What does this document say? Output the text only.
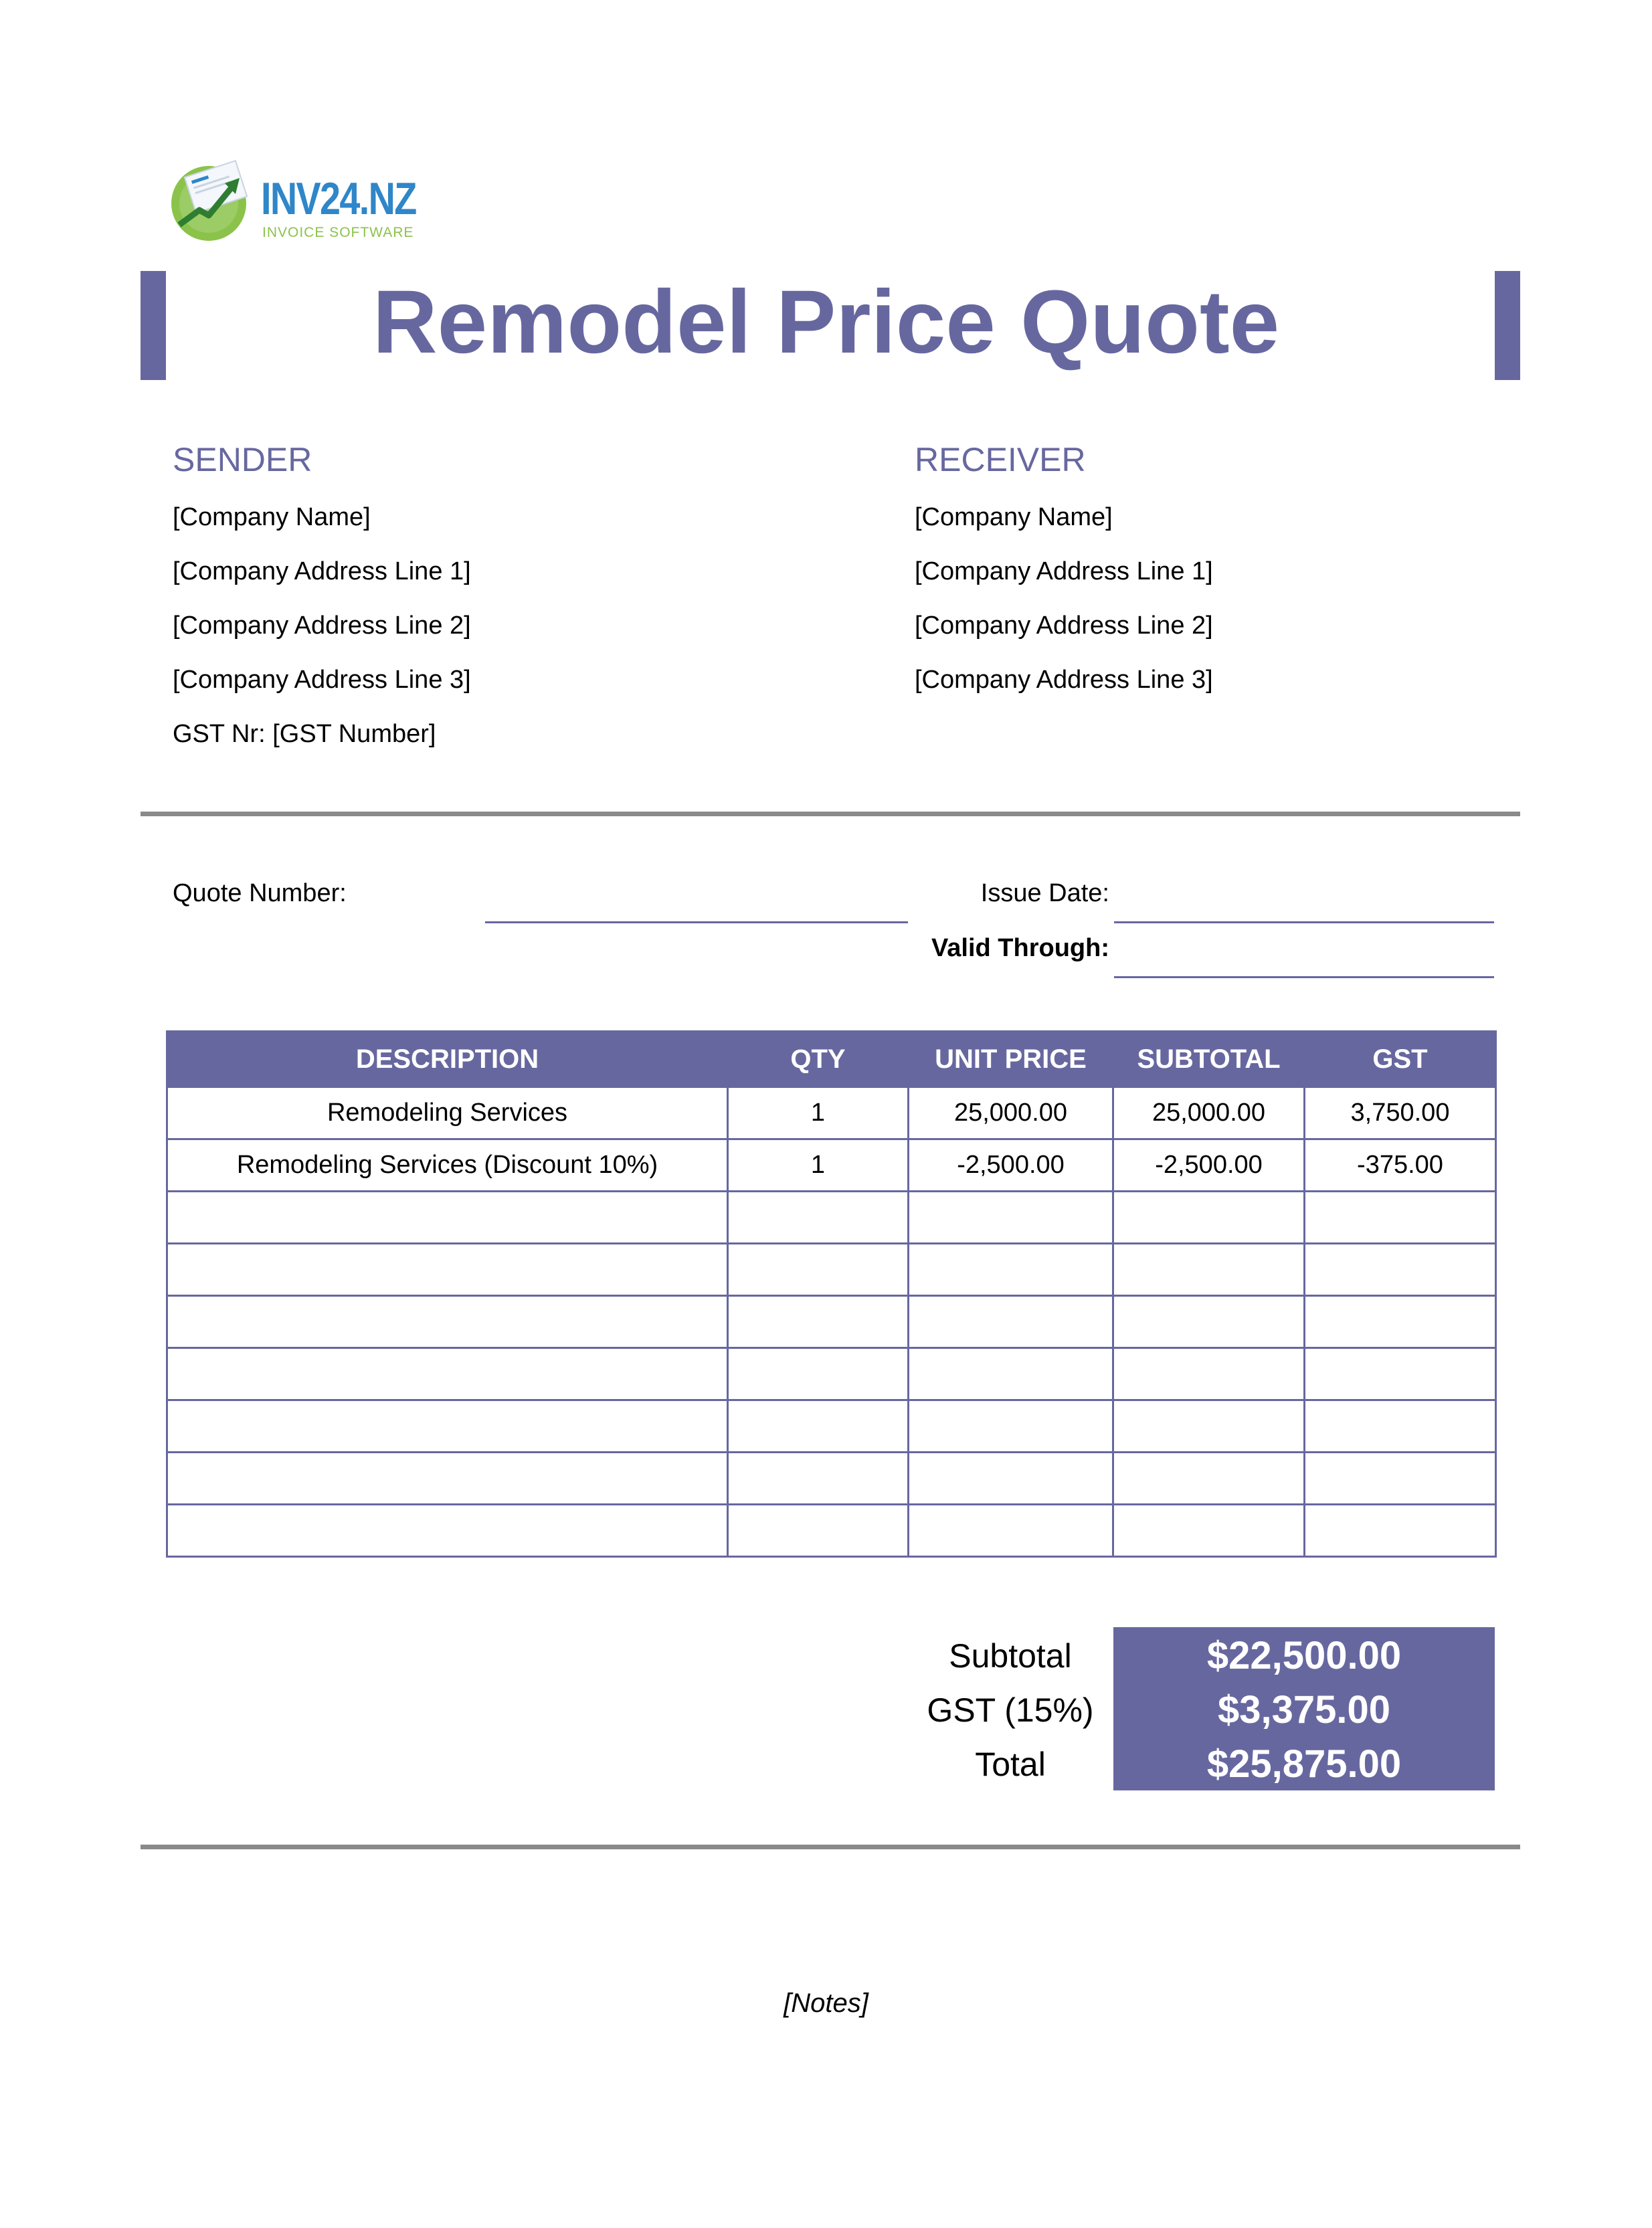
INV24.NZ
INVOICE SOFTWARE
Remodel Price Quote
SENDER
[Company Name]
[Company Address Line 1]
[Company Address Line 2]
[Company Address Line 3]
GST Nr: [GST Number]
RECEIVER
[Company Name]
[Company Address Line 1]
[Company Address Line 2]
[Company Address Line 3]
Quote Number:	Issue Date:
Valid Through:
DESCRIPTION	QTY	UNIT PRICE	SUBTOTAL	GST
Remodeling Services	1	25,000.00	25,000.00	3,750.00
Remodeling Services (Discount 10%)	1	-2,500.00	-2,500.00	-375.00

Subtotal	$22,500.00
GST (15%)	$3,375.00
Total	$25,875.00
[Notes]
